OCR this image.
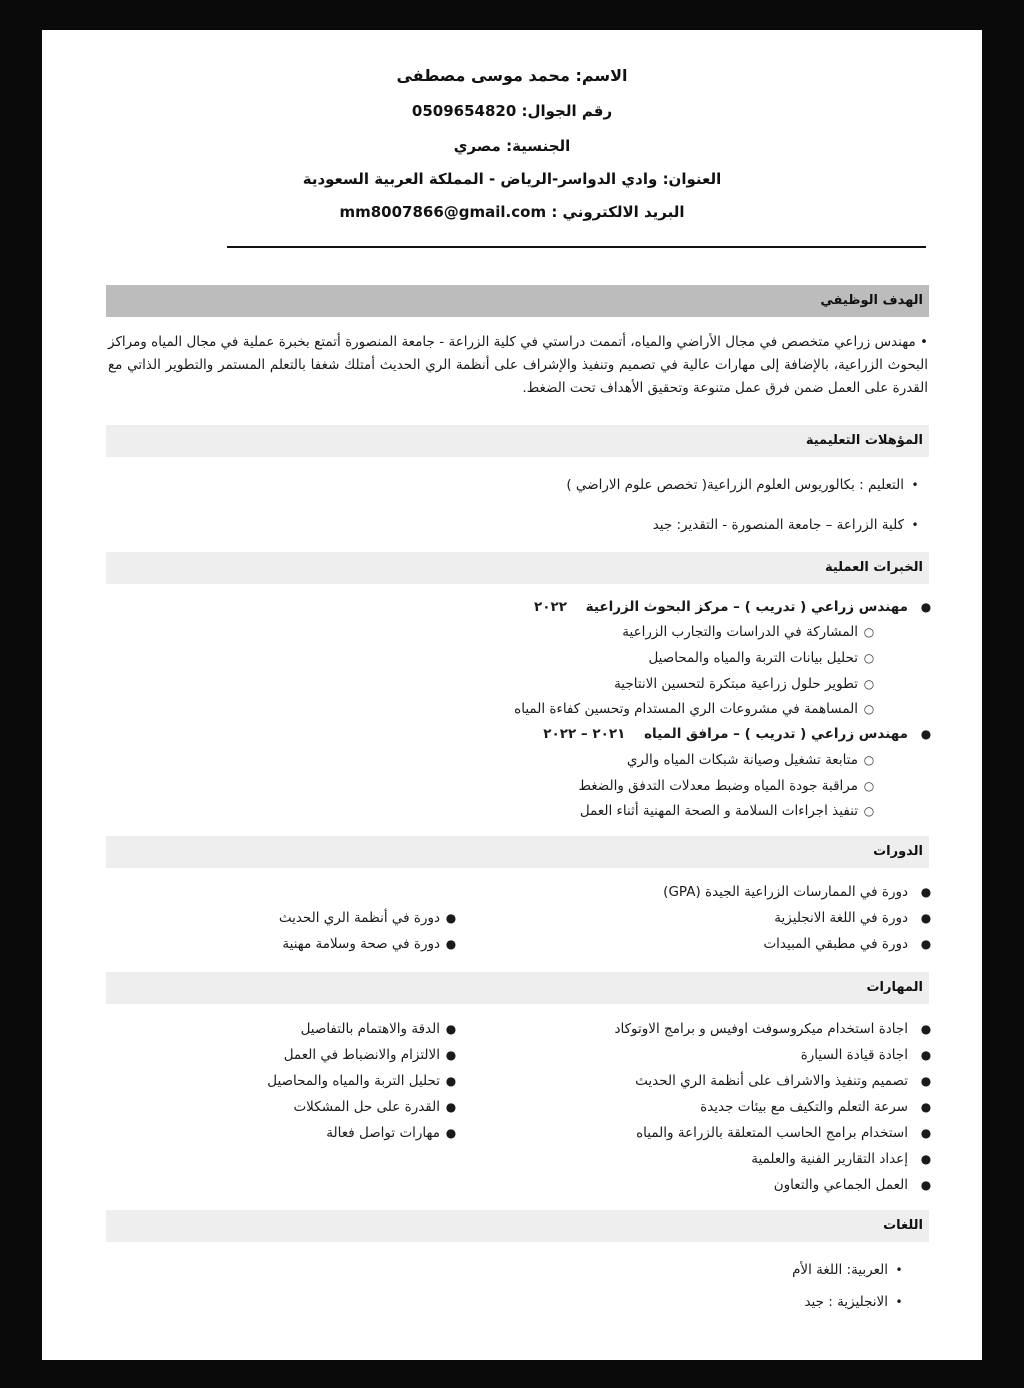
الاسم: محمد موسى مصطفى
رقم الجوال: 0509654820
الجنسية: مصري
العنوان: وادي الدواسر-الرياض - المملكة العربية السعودية
البريد الالكتروني : mm8007866@gmail.com
الهدف الوظيفي
• مهندس زراعي متخصص في مجال الأراضي والمياه، أتممت دراستي في كلية الزراعة - جامعة المنصورة أتمتع بخبرة عملية في مجال المياه ومراكز البحوث الزراعية، بالإضافة إلى مهارات عالية في تصميم وتنفيذ والإشراف على أنظمة الري الحديث أمتلك شغفا بالتعلم المستمر والتطوير الذاتي مع القدرة على العمل ضمن فرق عمل متنوعة وتحقيق الأهداف تحت الضغط.
المؤهلات التعليمية
•التعليم : بكالوريوس العلوم الزراعية( تخصص علوم الاراضي )
•كلية الزراعة – جامعة المنصورة - التقدير: جيد
الخبرات العملية
●مهندس زراعي ( تدريب ) – مركز البحوث الزراعية ٢٠٢٢
○المشاركة في الدراسات والتجارب الزراعية
○تحليل بيانات التربة والمياه والمحاصيل
○تطوير حلول زراعية مبتكرة لتحسين الانتاجية
○المساهمة في مشروعات الري المستدام وتحسين كفاءة المياه
●مهندس زراعي ( تدريب ) – مرافق المياه ٢٠٢١ – ٢٠٢٢
○متابعة تشغيل وصيانة شبكات المياه والري
○مراقبة جودة المياه وضبط معدلات التدفق والضغط
○تنفيذ اجراءات السلامة و الصحة المهنية أثناء العمل
الدورات
●دورة في الممارسات الزراعية الجيدة (GPA)
●دورة في اللغة الانجليزية
●دورة في مطبقي المبيدات
●دورة في أنظمة الري الحديث
●دورة في صحة وسلامة مهنية
المهارات
●اجادة استخدام ميكروسوفت اوفيس و برامج الاوتوكاد
●اجادة قيادة السيارة
●تصميم وتنفيذ والاشراف على أنظمة الري الحديث
●سرعة التعلم والتكيف مع بيئات جديدة
●استخدام برامج الحاسب المتعلقة بالزراعة والمياه
●إعداد التقارير الفنية والعلمية
●العمل الجماعي والتعاون
●الدقة والاهتمام بالتفاصيل
●الالتزام والانضباط في العمل
●تحليل التربة والمياه والمحاصيل
●القدرة على حل المشكلات
●مهارات تواصل فعالة
اللغات
•العربية: اللغة الأم
•الانجليزية : جيد
